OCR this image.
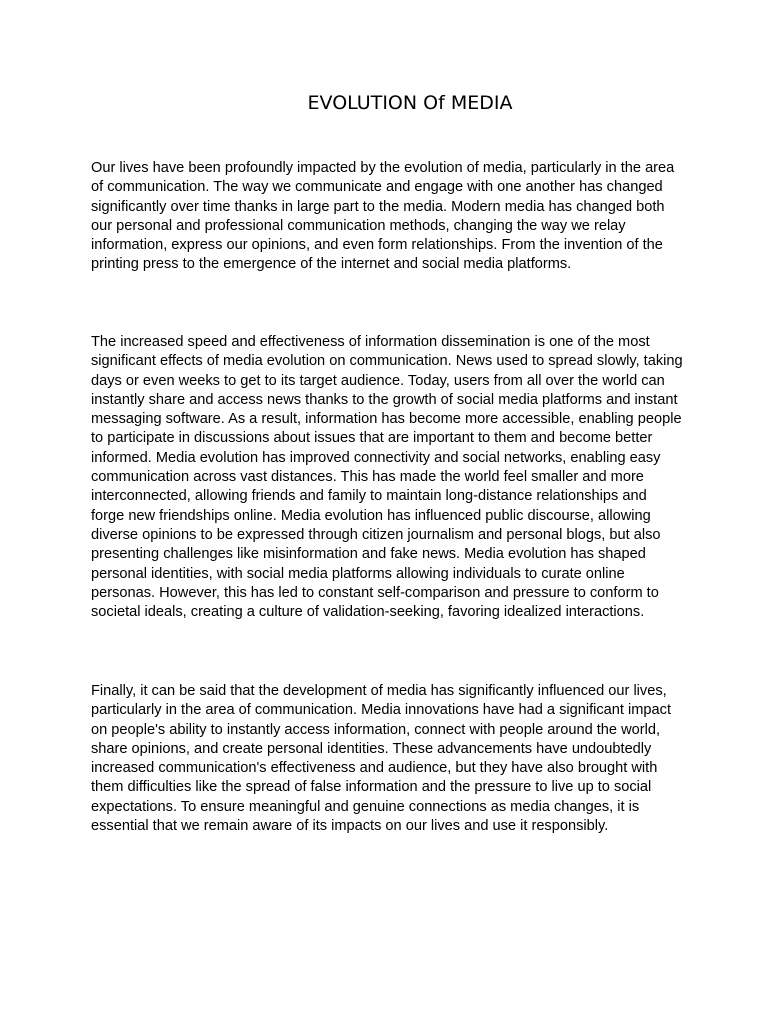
EVOLUTION Of MEDIA

Our lives have been profoundly impacted by the evolution of media, particularly in the area of communication. The way we communicate and engage with one another has changed significantly over time thanks in large part to the media. Modern media has changed both our personal and professional communication methods, changing the way we relay information, express our opinions, and even form relationships. From the invention of the printing press to the emergence of the internet and social media platforms.

The increased speed and effectiveness of information dissemination is one of the most significant effects of media evolution on communication. News used to spread slowly, taking days or even weeks to get to its target audience. Today, users from all over the world can instantly share and access news thanks to the growth of social media platforms and instant messaging software. As a result, information has become more accessible, enabling people to participate in discussions about issues that are important to them and become better informed. Media evolution has improved connectivity and social networks, enabling easy communication across vast distances. This has made the world feel smaller and more interconnected, allowing friends and family to maintain long-distance relationships and forge new friendships online. Media evolution has influenced public discourse, allowing diverse opinions to be expressed through citizen journalism and personal blogs, but also presenting challenges like misinformation and fake news. Media evolution has shaped personal identities, with social media platforms allowing individuals to curate online personas. However, this has led to constant self-comparison and pressure to conform to societal ideals, creating a culture of validation-seeking, favoring idealized interactions.

Finally, it can be said that the development of media has significantly influenced our lives, particularly in the area of communication. Media innovations have had a significant impact on people's ability to instantly access information, connect with people around the world, share opinions, and create personal identities. These advancements have undoubtedly increased communication's effectiveness and audience, but they have also brought with them difficulties like the spread of false information and the pressure to live up to social expectations. To ensure meaningful and genuine connections as media changes, it is essential that we remain aware of its impacts on our lives and use it responsibly.
